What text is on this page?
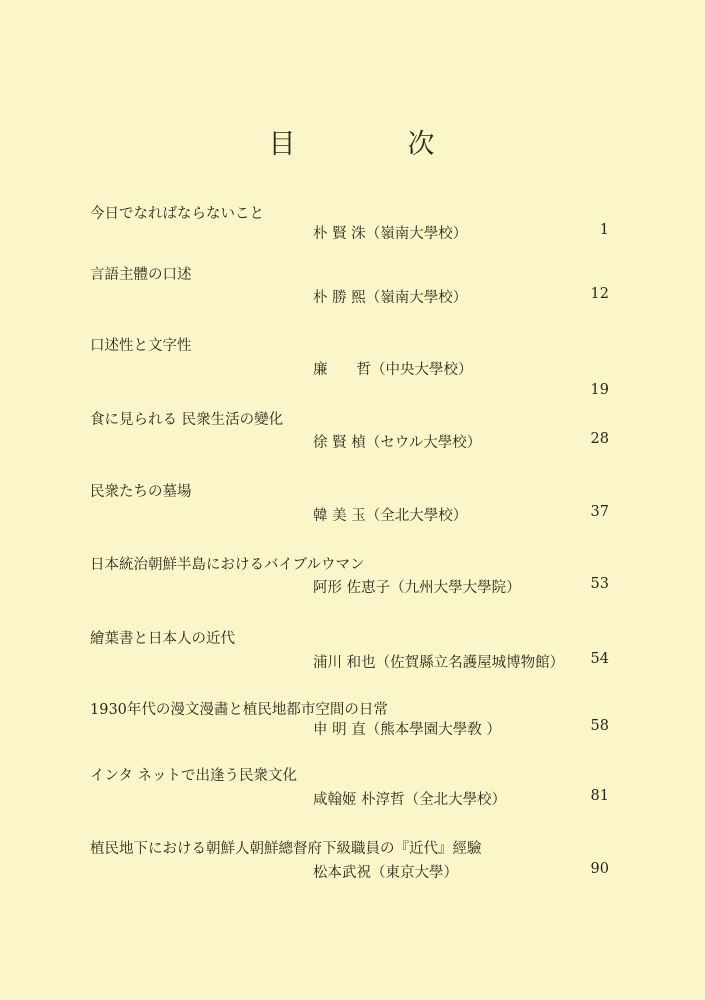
目	次
今日でなればならないこと
朴 賢 洙（嶺南大學校）	1
言語主體の口述
朴 勝 熙（嶺南大學校）	12
口述性と文字性
廉　　哲（中央大學校）
19
食に見られる 民衆生活の變化
徐 賢 楨（セウル大學校）	28
民衆たちの墓場
韓 美 玉（全北大學校）	37
日本統治朝鮮半島におけるバイブルウマン
阿形 佐恵子（九州大學大學院）	53
繪葉書と日本人の近代
浦川 和也（佐賀縣立名護屋城博物館）	54
1930年代の漫文漫畵と植民地都市空間の日常
申 明 直（熊本學園大學敎 ）	58
インタ ネットで出逢う民衆文化
咸翰姬 朴淳哲（全北大學校）	81
植民地下における朝鮮人朝鮮總督府下級職員の『近代』經驗
松本武祝（東京大學）	90
